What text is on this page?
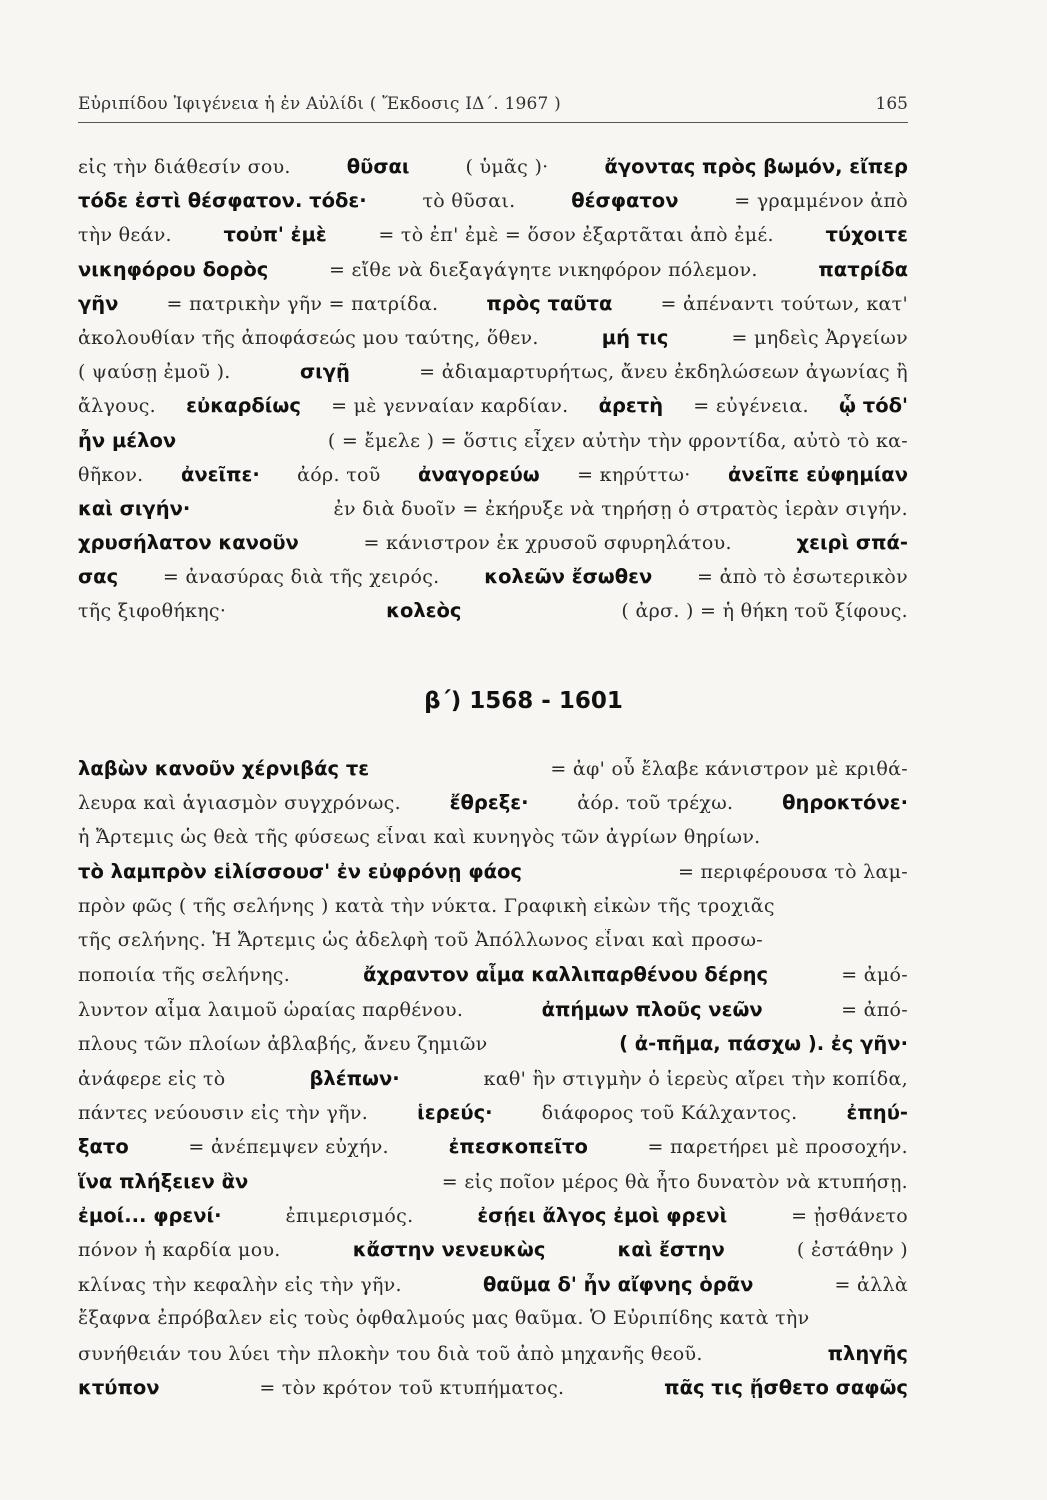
Εὐριπίδου Ἰφιγένεια ἡ ἐν Αὐλίδι ( Ἔκδοσις ΙΔ΄. 1967 )	165
εἰς τὴν διάθεσίν σου.	θῦσαι	( ὑμᾶς )·	ἄγοντας πρὸς βωμόν, εἴπερ
τόδε ἐστὶ θέσφατον. τόδε·	τὸ θῦσαι.	θέσφατον	= γραμμένον ἀπὸ
τὴν θεάν.	τοὐπ' ἐμὲ	= τὸ ἐπ' ἐμὲ = ὅσον ἐξαρτᾶται ἀπὸ ἐμέ.	τύχοιτε
νικηφόρου δορὸς	= εἴθε νὰ διεξαγάγητε νικηφόρον πόλεμον.	πατρίδα
γῆν	= πατρικὴν γῆν = πατρίδα. πρὸς ταῦτα	= ἀπέναντι τούτων, κατ'
ἀκολουθίαν τῆς ἀποφάσεώς μου ταύτης, ὅθεν.	μή τις	= μηδεὶς Ἀργείων
( ψαύσῃ ἐμοῦ ).	σιγῇ	= ἀδιαμαρτυρήτως, ἄνευ ἐκδηλώσεων ἀγωνίας ἢ
ἄλγους. εὐκαρδίως = μὲ γενναίαν καρδίαν. ἀρετὴ = εὐγένεια. ᾧ τόδ'
ἦν μέλον	( = ἔμελε ) = ὅστις εἶχεν αὐτὴν τὴν φροντίδα, αὐτὸ τὸ κα-
θῆκον. ἀνεῖπε· ἀόρ. τοῦ ἀναγορεύω = κηρύττω· ἀνεῖπε εὐφημίαν
καὶ σιγήν·	ἐν διὰ δυοῖν = ἐκήρυξε νὰ τηρήσῃ ὁ στρατὸς ἱερὰν σιγήν.
χρυσήλατον κανοῦν	= κάνιστρον ἐκ χρυσοῦ σφυρηλάτου.	χειρὶ σπά-
σας = ἀνασύρας διὰ τῆς χειρός. κολεῶν ἔσωθεν = ἀπὸ τὸ ἐσωτερικὸν
τῆς ξιφοθήκης·	κολεὸς	( ἀρσ. ) = ἡ θήκη τοῦ ξίφους.
β΄) 1568 - 1601
λαβὼν κανοῦν χέρνιβάς τε	= ἀφ' οὗ ἔλαβε κάνιστρον μὲ κριθά-
λευρα καὶ ἁγιασμὸν συγχρόνως. ἔθρεξε·	ἀόρ. τοῦ τρέχω. θηροκτόνε·
ἡ Ἄρτεμις ὡς θεὰ τῆς φύσεως εἶναι καὶ κυνηγὸς τῶν ἀγρίων θηρίων.
τὸ λαμπρὸν εἱλίσσουσ' ἐν εὐφρόνῃ φάος	= περιφέρουσα τὸ λαμ-
πρὸν φῶς ( τῆς σελήνης ) κατὰ τὴν νύκτα. Γραφικὴ εἰκὼν τῆς τροχιᾶς
τῆς σελήνης. Ἡ Ἄρτεμις ὡς ἀδελφὴ τοῦ Ἀπόλλωνος εἶναι καὶ προσω-
ποποιία τῆς σελήνης.	ἄχραντον αἷμα καλλιπαρθένου δέρης	= ἀμό-
λυντον αἷμα λαιμοῦ ὡραίας παρθένου.	ἀπήμων πλοῦς νεῶν	= ἀπό-
πλους τῶν πλοίων ἀβλαβής, ἄνευ ζημιῶν	( ἀ-πῆμα, πάσχω ). ἐς γῆν·
ἀνάφερε εἰς τὸ	βλέπων·	καθ' ἣν στιγμὴν ὁ ἱερεὺς αἴρει τὴν κοπίδα,
πάντες νεύουσιν εἰς τὴν γῆν.	ἱερεύς·	διάφορος τοῦ Κάλχαντος.	ἐπηύ-
ξατο	= ἀνέπεμψεν εὐχήν.	ἐπεσκοπεῖτο	= παρετήρει μὲ προσοχήν.
ἵνα πλήξειεν ἂν	= εἰς ποῖον μέρος θὰ ἦτο δυνατὸν νὰ κτυπήσῃ.
ἐμοί... φρενί·	ἐπιμερισμός.	ἐσῄει ἄλγος ἐμοὶ φρενὶ	= ᾐσθάνετο
πόνον ἡ καρδία μου.	κἄστην νενευκὼς	καὶ ἔστην	( ἐστάθην )
κλίνας τὴν κεφαλὴν εἰς τὴν γῆν.	θαῦμα δ' ἦν αἴφνης ὁρᾶν	= ἀλλὰ
ἔξαφνα ἐπρόβαλεν εἰς τοὺς ὀφθαλμούς μας θαῦμα. Ὁ Εὐριπίδης κατὰ τὴν
συνήθειάν του λύει τὴν πλοκὴν του διὰ τοῦ ἀπὸ μηχανῆς θεοῦ.	πληγῆς
κτύπον	= τὸν κρότον τοῦ κτυπήματος.	πᾶς τις ᾔσθετο σαφῶς
